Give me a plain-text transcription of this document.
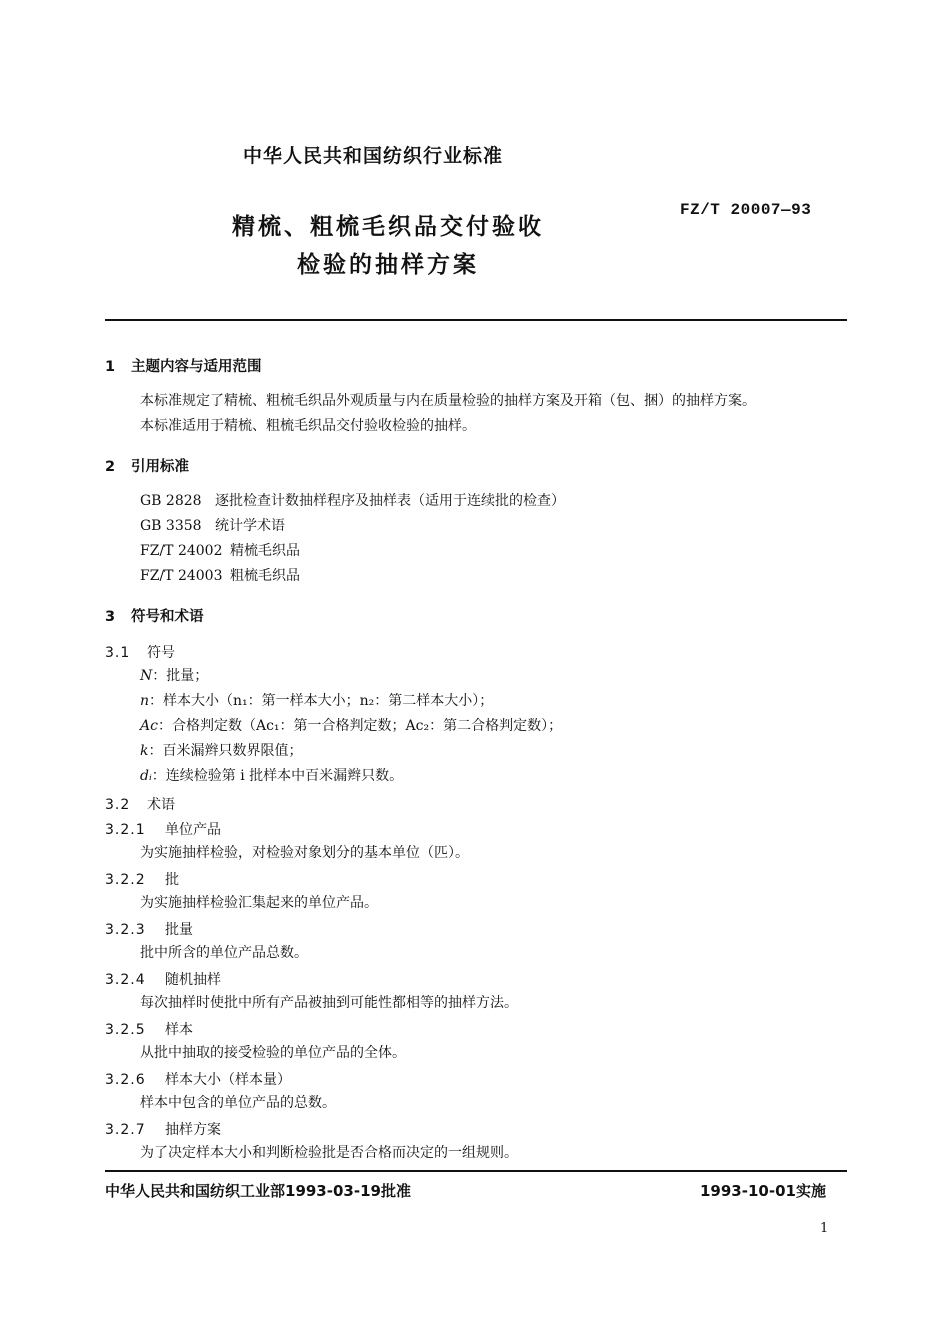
中华人民共和国纺织行业标准
FZ/T 20007—93
精梳、粗梳毛织品交付验收
检验的抽样方案
1 主题内容与适用范围
本标准规定了精梳、粗梳毛织品外观质量与内在质量检验的抽样方案及开箱（包、捆）的抽样方案。
本标准适用于精梳、粗梳毛织品交付验收检验的抽样。
2 引用标准
GB 2828 逐批检查计数抽样程序及抽样表（适用于连续批的检查）
GB 3358 统计学术语
FZ/T 24002 精梳毛织品
FZ/T 24003 粗梳毛织品
3 符号和术语
3.1 符号
N：批量；
n：样本大小（n₁：第一样本大小；n₂：第二样本大小）；
Ac：合格判定数（Ac₁：第一合格判定数；Ac₂：第二合格判定数）；
k：百米漏辫只数界限值；
dᵢ：连续检验第 i 批样本中百米漏辫只数。
3.2 术语
3.2.1 单位产品
为实施抽样检验，对检验对象划分的基本单位（匹）。
3.2.2 批
为实施抽样检验汇集起来的单位产品。
3.2.3 批量
批中所含的单位产品总数。
3.2.4 随机抽样
每次抽样时使批中所有产品被抽到可能性都相等的抽样方法。
3.2.5 样本
从批中抽取的接受检验的单位产品的全体。
3.2.6 样本大小（样本量）
样本中包含的单位产品的总数。
3.2.7 抽样方案
为了决定样本大小和判断检验批是否合格而决定的一组规则。
中华人民共和国纺织工业部1993-03-19批准	1993-10-01实施
1
